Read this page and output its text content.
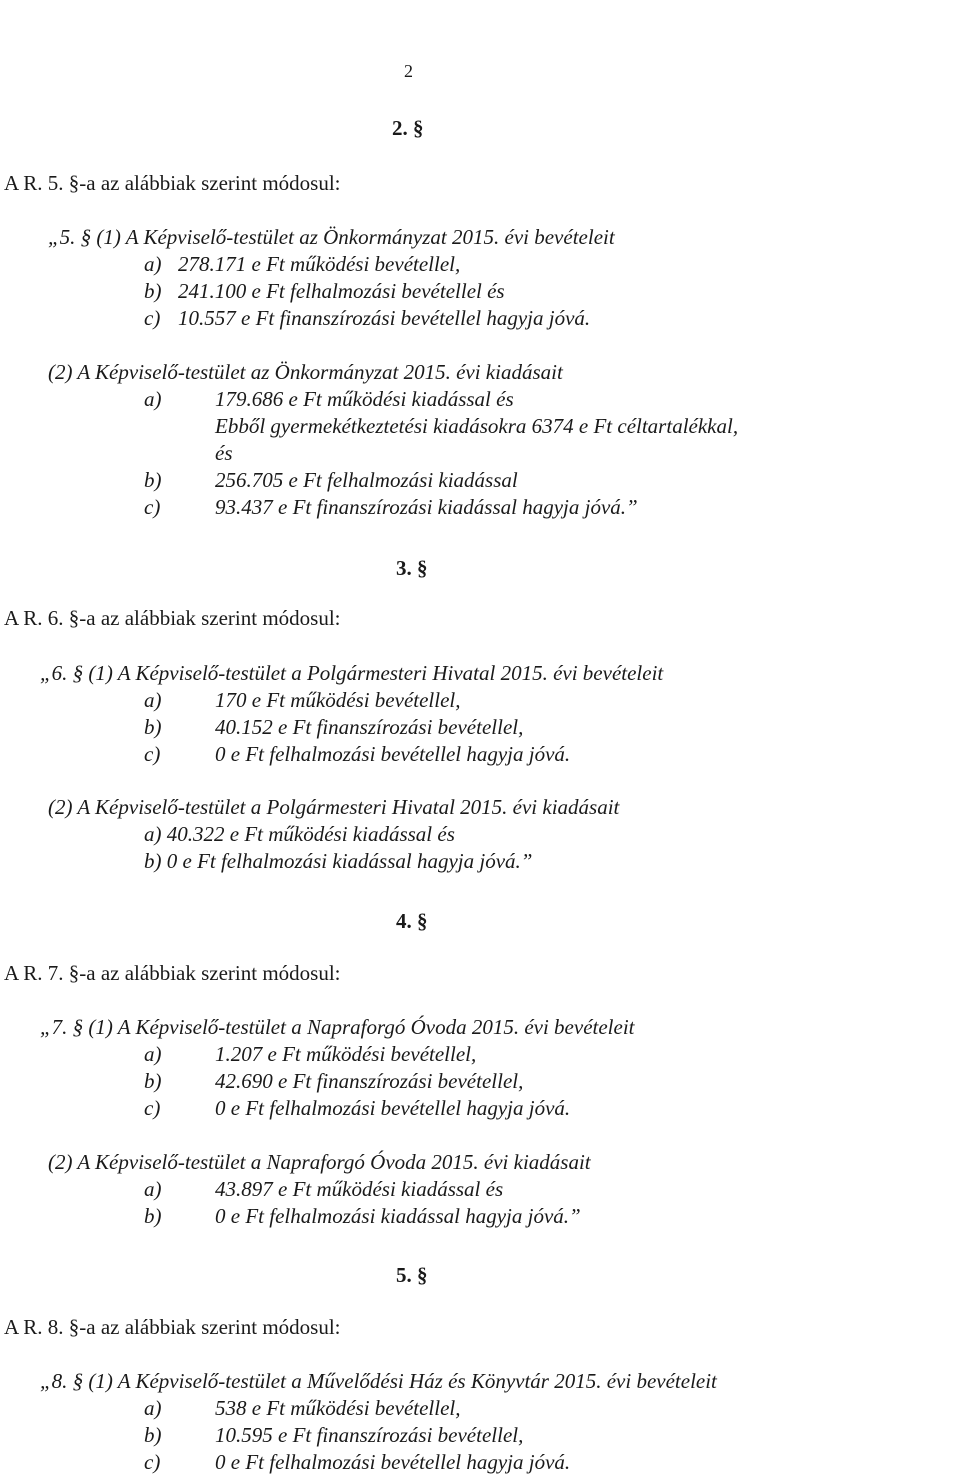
2
2. §
A R. 5. §-a az alábbiak szerint módosul:
„5. § (1) A Képviselő-testület az Önkormányzat 2015. évi bevételeit
a) 278.171 e Ft működési bevétellel,
b) 241.100 e Ft felhalmozási bevétellel és
c) 10.557 e Ft finanszírozási bevétellel hagyja jóvá.
(2) A Képviselő-testület az Önkormányzat 2015. évi kiadásait
a)	179.686 e Ft működési kiadással és
Ebből gyermekétkeztetési kiadásokra 6374 e Ft céltartalékkal,
és
b)	256.705 e Ft felhalmozási kiadással
c)	93.437 e Ft finanszírozási kiadással hagyja jóvá.”
3. §
A R. 6. §-a az alábbiak szerint módosul:
„6. § (1) A Képviselő-testület a Polgármesteri Hivatal 2015. évi bevételeit
a)	170 e Ft működési bevétellel,
b)	40.152 e Ft finanszírozási bevétellel,
c)	0 e Ft felhalmozási bevétellel hagyja jóvá.
(2) A Képviselő-testület a Polgármesteri Hivatal 2015. évi kiadásait
a) 40.322 e Ft működési kiadással és
b) 0 e Ft felhalmozási kiadással hagyja jóvá.”
4. §
A R. 7. §-a az alábbiak szerint módosul:
„7. § (1) A Képviselő-testület a Napraforgó Óvoda 2015. évi bevételeit
a)	1.207 e Ft működési bevétellel,
b)	42.690 e Ft finanszírozási bevétellel,
c)	0 e Ft felhalmozási bevétellel hagyja jóvá.
(2) A Képviselő-testület a Napraforgó Óvoda 2015. évi kiadásait
a)	43.897 e Ft működési kiadással és
b)	0 e Ft felhalmozási kiadással hagyja jóvá.”
5. §
A R. 8. §-a az alábbiak szerint módosul:
„8. § (1) A Képviselő-testület a Művelődési Ház és Könyvtár 2015. évi bevételeit
a)	538 e Ft működési bevétellel,
b)	10.595 e Ft finanszírozási bevétellel,
c)	0 e Ft felhalmozási bevétellel hagyja jóvá.
